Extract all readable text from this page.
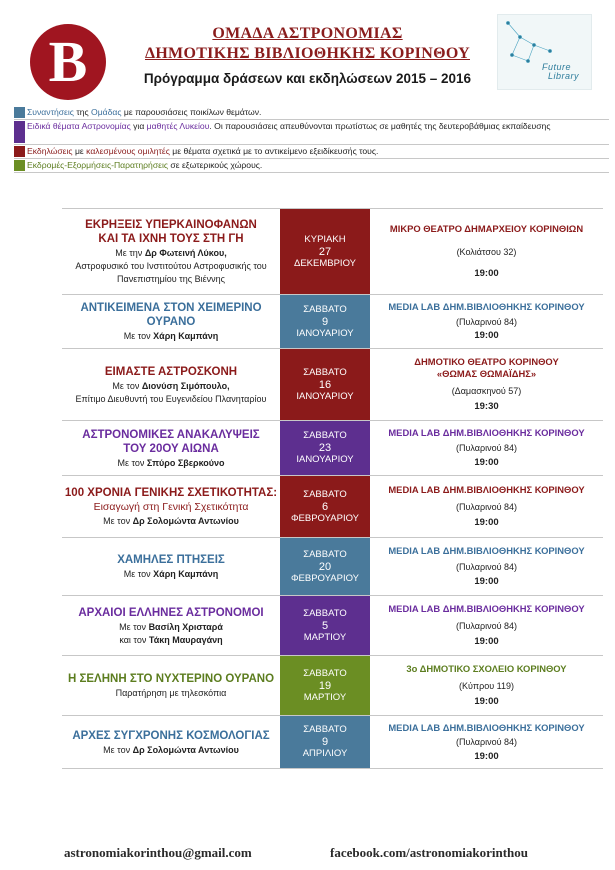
B	ΟΜΑΔΑ ΑΣΤΡΟΝΟΜΙΑΣ
ΔΗΜΟΤΙΚΗΣ ΒΙΒΛΙΟΘΗΚΗΣ ΚΟΡΙΝΘΟΥ
Πρόγραμμα δράσεων και εκδηλώσεων 2015 – 2016
Future
Library
Συναντήσεις της Ομάδας με παρουσιάσεις ποικίλων θεμάτων.
Ειδικά θέματα Αστρονομίας για μαθητές Λυκείου. Οι παρουσιάσεις απευθύνονται πρωτίστως σε μαθητές της δευτεροβάθμιας εκπαίδευσης
Εκδηλώσεις με καλεσμένους ομιλητές με θέματα σχετικά με το αντικείμενο εξειδίκευσής τους.
Εκδρομές-Εξορμήσεις-Παρατηρήσεις σε εξωτερικούς χώρους.
ΕΚΡΗΞΕΙΣ ΥΠΕΡΚΑΙΝΟΦΑΝΩΝ
ΚΑΙ ΤΑ ΙΧΝΗ ΤΟΥΣ ΣΤΗ ΓΗ
Με την Δρ Φωτεινή Λύκου,
Αστροφυσικό του Ινστιτούτου Αστροφυσικής του
Πανεπιστημίου της Βιέννης
ΚΥΡΙΑΚΗ
27
ΔΕΚΕΜΒΡΙΟΥ
ΜΙΚΡΟ ΘΕΑΤΡΟ ΔΗΜΑΡΧΕΙΟΥ ΚΟΡΙΝΘΙΩΝ
(Κολιάτσου 32)
19:00
ΑΝΤΙΚΕΙΜΕΝΑ ΣΤΟΝ ΧΕΙΜΕΡΙΝΟ ΟΥΡΑΝΟ
Με τον Χάρη Καμπάνη
ΣΑΒΒΑΤΟ
9
ΙΑΝΟΥΑΡΙΟΥ
MEDIA LAB ΔΗΜ.ΒΙΒΛΙΟΘΗΚΗΣ ΚΟΡΙΝΘΟΥ
(Πυλαρινού 84)
19:00
ΕΙΜΑΣΤΕ ΑΣΤΡΟΣΚΟΝΗ
Με τον Διονύση Σιμόπουλο,
Επίτιμο Διευθυντή του Ευγενιδείου Πλανηταρίου
ΣΑΒΒΑΤΟ
16
ΙΑΝΟΥΑΡΙΟΥ
ΔΗΜΟΤΙΚΟ ΘΕΑΤΡΟ ΚΟΡΙΝΘΟΥ
«ΘΩΜΑΣ ΘΩΜΑΪΔΗΣ»
(Δαμασκηνού 57)
19:30
ΑΣΤΡΟΝΟΜΙΚΕΣ ΑΝΑΚΑΛΥΨΕΙΣ
ΤΟΥ 20ΟΥ ΑΙΩΝΑ
Με τον Σπύρο Σβερκούνο
ΣΑΒΒΑΤΟ
23
ΙΑΝΟΥΑΡΙΟΥ
MEDIA LAB ΔΗΜ.ΒΙΒΛΙΟΘΗΚΗΣ ΚΟΡΙΝΘΟΥ
(Πυλαρινού 84)
19:00
100 ΧΡΟΝΙΑ ΓΕΝΙΚΗΣ ΣΧΕΤΙΚΟΤΗΤΑΣ:
Εισαγωγή στη Γενική Σχετικότητα
Με τον Δρ Σολομώντα Αντωνίου
ΣΑΒΒΑΤΟ
6
ΦΕΒΡΟΥΑΡΙΟΥ
MEDIA LAB ΔΗΜ.ΒΙΒΛΙΟΘΗΚΗΣ ΚΟΡΙΝΘΟΥ
(Πυλαρινού 84)
19:00
ΧΑΜΗΛΕΣ ΠΤΗΣΕΙΣ
Με τον Χάρη Καμπάνη
ΣΑΒΒΑΤΟ
20
ΦΕΒΡΟΥΑΡΙΟΥ
MEDIA LAB ΔΗΜ.ΒΙΒΛΙΟΘΗΚΗΣ ΚΟΡΙΝΘΟΥ
(Πυλαρινού 84)
19:00
ΑΡΧΑΙΟΙ ΕΛΛΗΝΕΣ ΑΣΤΡΟΝΟΜΟΙ
Με τον Βασίλη Χρισταρά
και τον Τάκη Μαυραγάνη
ΣΑΒΒΑΤΟ
5
ΜΑΡΤΙΟΥ
MEDIA LAB ΔΗΜ.ΒΙΒΛΙΟΘΗΚΗΣ ΚΟΡΙΝΘΟΥ
(Πυλαρινού 84)
19:00
Η ΣΕΛΗΝΗ ΣΤΟ ΝΥΧΤΕΡΙΝΟ ΟΥΡΑΝΟ
Παρατήρηση με τηλεσκόπια
ΣΑΒΒΑΤΟ
19
ΜΑΡΤΙΟΥ
3ο ΔΗΜΟΤΙΚΟ ΣΧΟΛΕΙΟ ΚΟΡΙΝΘΟΥ
(Κύπρου 119)
19:00
ΑΡΧΕΣ ΣΥΓΧΡΟΝΗΣ ΚΟΣΜΟΛΟΓΙΑΣ
Με τον Δρ Σολομώντα Αντωνίου
ΣΑΒΒΑΤΟ
9
ΑΠΡΙΛΙΟΥ
MEDIA LAB ΔΗΜ.ΒΙΒΛΙΟΘΗΚΗΣ ΚΟΡΙΝΘΟΥ
(Πυλαρινού 84)
19:00
astronomiakorinthou@gmail.com	facebook.com/astronomiakorinthou
